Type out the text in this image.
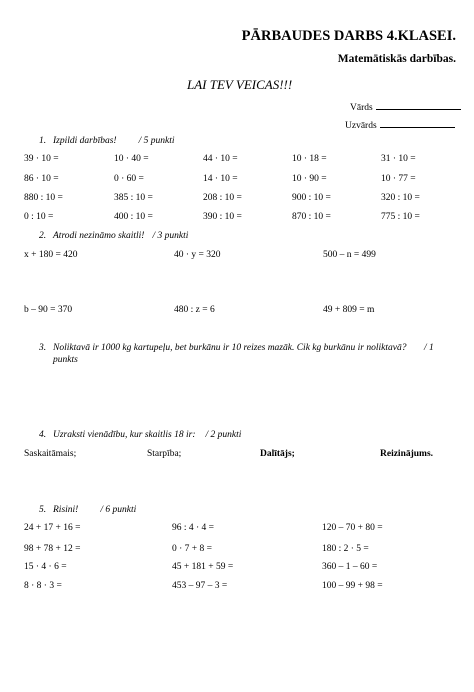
PĀRBAUDES DARBS 4.KLASEI.
Matemātiskās darbības.
LAI TEV VEICAS!!!
Vārds
Uzvārds
1. Izpildi darbības! / 5 punkti
39 · 10 =	10 · 40 =	44 · 10 =	10 · 18 =	31 · 10 =
86 · 10 =	0 · 60 =	14 · 10 =	10 · 90 =	10 · 77 =
880 : 10 =	385 : 10 =	208 : 10 =	900 : 10 =	320 : 10 =
0 : 10 =	400 : 10 =	390 : 10 =	870 : 10 =	775 : 10 =
2. Atrodi nezināmo skaitli! / 3 punkti
x + 180 = 420	40 · y = 320	500 – n = 499
b – 90 = 370	480 : z = 6	49 + 809 = m
3. Noliktavā ir 1000 kg kartupeļu, bet burkānu ir 10 reizes mazāk. Cik kg burkānu ir noliktavā? / 1
punkts
4. Uzraksti vienādību, kur skaitlis 18 ir: / 2 punkti
Saskaitāmais;	Starpība;	Dalītājs;	Reizinājums.
5. Risini! / 6 punkti
24 + 17 + 16 =	96 : 4 · 4 =	120 – 70 + 80 =
98 + 78 + 12 =	0 · 7 + 8 =	180 : 2 · 5 =
15 · 4 · 6 =	45 + 181 + 59 =	360 – 1 – 60 =
8 · 8 · 3 =	453 – 97 – 3 =	100 – 99 + 98 =
